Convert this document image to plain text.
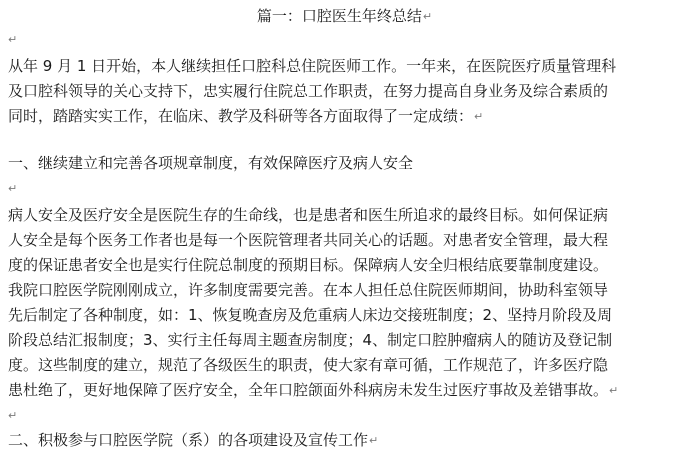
篇一：口腔医生年终总结↵
↵
从年 9 月 1 日开始，本人继续担任口腔科总住院医师工作。一年来，在医院医疗质量管理科
及口腔科领导的关心支持下，忠实履行住院总工作职责，在努力提高自身业务及综合素质的
同时，踏踏实实工作，在临床、教学及科研等各方面取得了一定成绩：↵
一、继续建立和完善各项规章制度，有效保障医疗及病人安全
↵
病人安全及医疗安全是医院生存的生命线，也是患者和医生所追求的最终目标。如何保证病
人安全是每个医务工作者也是每一个医院管理者共同关心的话题。对患者安全管理，最大程
度的保证患者安全也是实行住院总制度的预期目标。保障病人安全归根结底要靠制度建设。
我院口腔医学院刚刚成立，许多制度需要完善。在本人担任总住院医师期间，协助科室领导
先后制定了各种制度，如：1、恢复晚查房及危重病人床边交接班制度；2、坚持月阶段及周
阶段总结汇报制度；3、实行主任每周主题查房制度；4、制定口腔肿瘤病人的随访及登记制
度。这些制度的建立，规范了各级医生的职责，使大家有章可循，工作规范了，许多医疗隐
患杜绝了，更好地保障了医疗安全，全年口腔颌面外科病房未发生过医疗事故及差错事故。↵
↵
二、积极参与口腔医学院（系）的各项建设及宣传工作↵
